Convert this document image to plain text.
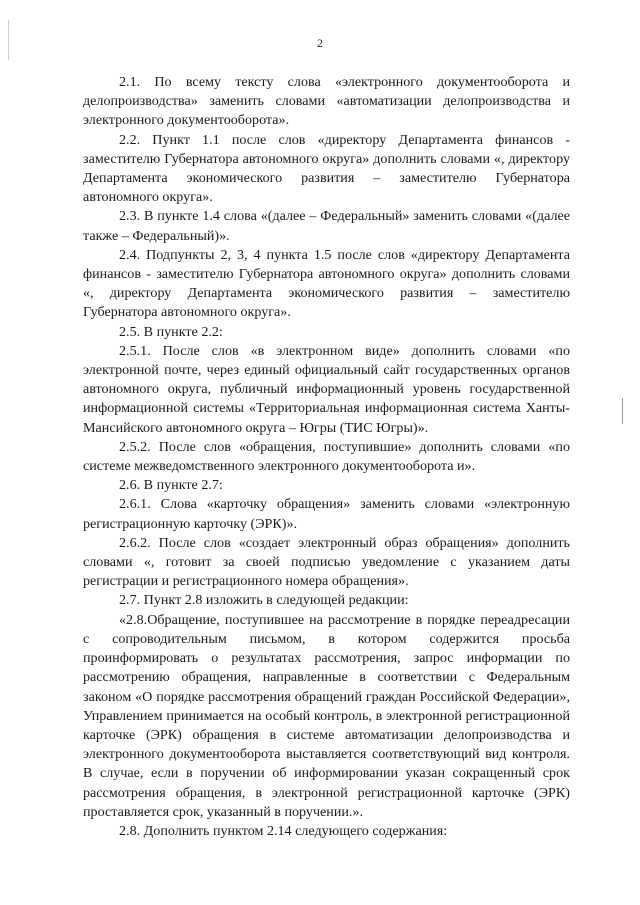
2

2.1. По всему тексту слова «электронного документооборота и делопроизводства» заменить словами «автоматизации делопроизводства и электронного документооборота».

2.2. Пункт 1.1 после слов «директору Департамента финансов - заместителю Губернатора автономного округа» дополнить словами «, директору Департамента экономического развития – заместителю Губернатора автономного округа».

2.3. В пункте 1.4 слова «(далее – Федеральный» заменить словами «(далее также – Федеральный)».

2.4. Подпункты 2, 3, 4 пункта 1.5 после слов «директору Департамента финансов - заместителю Губернатора автономного округа» дополнить словами «, директору Департамента экономического развития – заместителю Губернатора автономного округа».

2.5. В пункте 2.2:

2.5.1. После слов «в электронном виде» дополнить словами «по электронной почте, через единый официальный сайт государственных органов автономного округа, публичный информационный уровень государственной информационной системы «Территориальная информационная система Ханты-Мансийского автономного округа – Югры (ТИС Югры)».

2.5.2. После слов «обращения, поступившие» дополнить словами «по системе межведомственного электронного документооборота и».

2.6. В пункте 2.7:

2.6.1. Слова «карточку обращения» заменить словами «электронную регистрационную карточку (ЭРК)».

2.6.2. После слов «создает электронный образ обращения» дополнить словами «, готовит за своей подписью уведомление с указанием даты регистрации и регистрационного номера обращения».

2.7. Пункт 2.8 изложить в следующей редакции:

«2.8.Обращение, поступившее на рассмотрение в порядке переадресации с сопроводительным письмом, в котором содержится просьба проинформировать о результатах рассмотрения, запрос информации по рассмотрению обращения, направленные в соответствии с Федеральным законом «О порядке рассмотрения обращений граждан Российской Федерации», Управлением принимается на особый контроль, в электронной регистрационной карточке (ЭРК) обращения в системе автоматизации делопроизводства и электронного документооборота выставляется соответствующий вид контроля. В случае, если в поручении об информировании указан сокращенный срок рассмотрения обращения, в электронной регистрационной карточке (ЭРК) проставляется срок, указанный в поручении.».

2.8. Дополнить пунктом 2.14 следующего содержания:
